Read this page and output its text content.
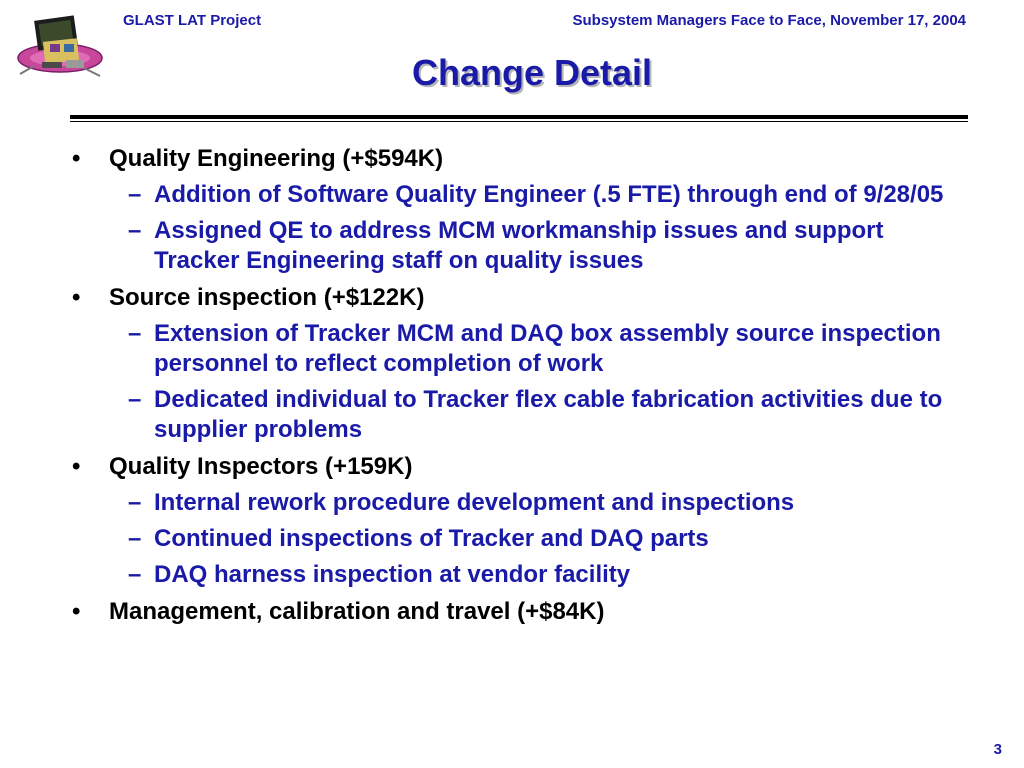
GLAST LAT Project	Subsystem Managers Face to Face, November 17, 2004
Change Detail
•	Quality Engineering (+$594K)
– Addition of Software Quality Engineer (.5 FTE) through end of 9/28/05
– Assigned QE to address MCM workmanship issues and support Tracker Engineering staff on quality issues
•	Source inspection (+$122K)
– Extension of Tracker MCM and DAQ box assembly source inspection personnel to reflect completion of work
– Dedicated individual to Tracker flex cable fabrication activities due to supplier problems
•	Quality Inspectors (+159K)
– Internal rework procedure development and inspections
– Continued inspections of Tracker and DAQ parts
– DAQ harness inspection at vendor facility
•	Management, calibration and travel (+$84K)
3
